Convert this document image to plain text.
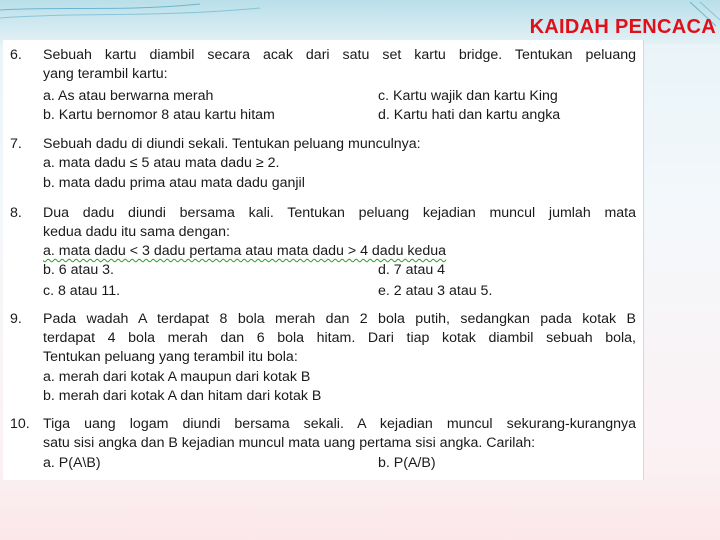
KAIDAH PENCACA
6. Sebuah kartu diambil secara acak dari satu set kartu bridge. Tentukan peluang
yang terambil kartu:
a. As atau berwarna merah	c. Kartu wajik dan kartu King
b. Kartu bernomor 8 atau kartu hitam	d. Kartu hati dan kartu angka
7. Sebuah dadu di diundi sekali. Tentukan peluang munculnya:
a. mata dadu ≤ 5 atau mata dadu ≥ 2.
b. mata dadu prima atau mata dadu ganjil
8. Dua dadu diundi bersama kali. Tentukan peluang kejadian muncul jumlah mata
kedua dadu itu sama dengan:
a. mata dadu < 3 dadu pertama atau mata dadu > 4 dadu kedua
b. 6 atau 3.	d. 7 atau 4
c. 8 atau 11.	e. 2 atau 3 atau 5.
9. Pada wadah A terdapat 8 bola merah dan 2 bola putih, sedangkan pada kotak B
terdapat 4 bola merah dan 6 bola hitam. Dari tiap kotak diambil sebuah bola,
Tentukan peluang yang terambil itu bola:
a. merah dari kotak A maupun dari kotak B
b. merah dari kotak A dan hitam dari kotak B
10. Tiga uang logam diundi bersama sekali. A kejadian muncul sekurang-kurangnya
satu sisi angka dan B kejadian muncul mata uang pertama sisi angka. Carilah:
a. P(A\B)	b. P(A/B)
